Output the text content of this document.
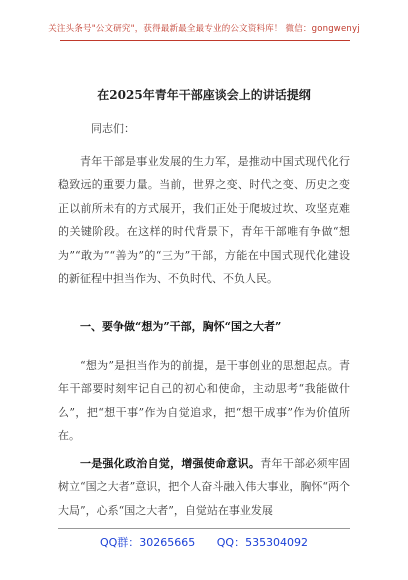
关注头条号"公文研究"，获得最新最全最专业的公文资料库！ 微信：gongwenyj
在2025年青年干部座谈会上的讲话提纲
同志们：
青年干部是事业发展的生力军，是推动中国式现代化行稳致远的重要力量。当前，世界之变、时代之变、历史之变正以前所未有的方式展开，我们正处于爬坡过坎、攻坚克难的关键阶段。在这样的时代背景下，青年干部唯有争做“想为”“敢为”“善为”的“三为”干部，方能在中国式现代化建设的新征程中担当作为、不负时代、不负人民。
一、要争做“想为”干部，胸怀“国之大者”
“想为”是担当作为的前提，是干事创业的思想起点。青年干部要时刻牢记自己的初心和使命，主动思考“我能做什么”，把“想干事”作为自觉追求，把“想干成事”作为价值所在。
一是强化政治自觉，增强使命意识。青年干部必须牢固树立“国之大者”意识，把个人奋斗融入伟大事业，胸怀“两个大局”，心系“国之大者”，自觉站在事业发展
QQ群：30265665 QQ：535304092
